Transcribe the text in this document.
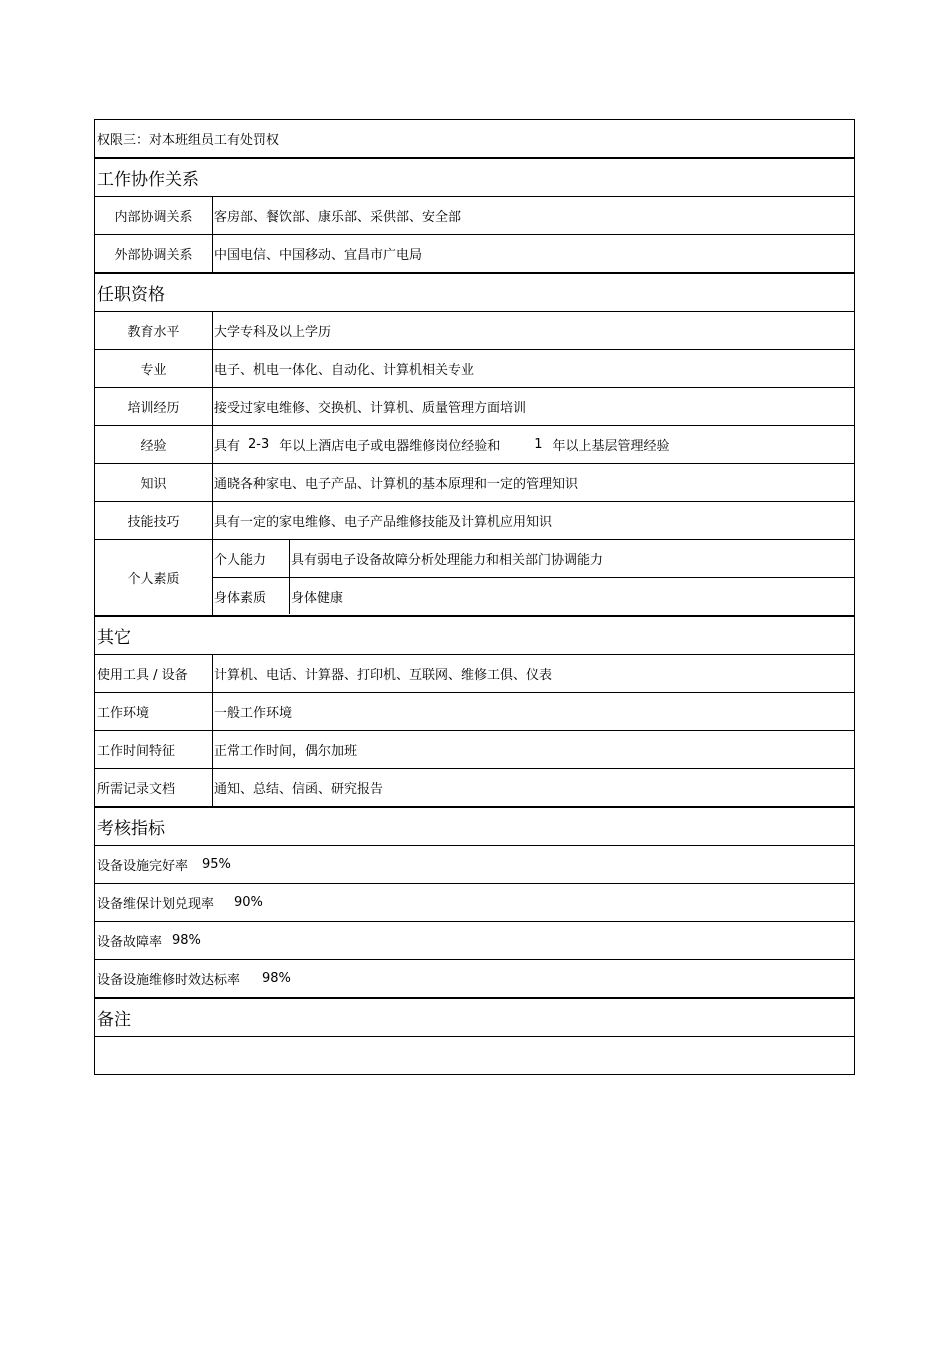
权限三：对本班组员工有处罚权
工作协作关系
内部协调关系	客房部、餐饮部、康乐部、采供部、安全部
外部协调关系	中国电信、中国移动、宜昌市广电局
任职资格
教育水平	大学专科及以上学历
专业	电子、机电一体化、自动化、计算机相关专业
培训经历	接受过家电维修、交换机、计算机、质量管理方面培训
经验	具有 2-3 年以上酒店电子或电器维修岗位经验和	1 年以上基层管理经验
知识	通晓各种家电、电子产品、计算机的基本原理和一定的管理知识
技能技巧	具有一定的家电维修、电子产品维修技能及计算机应用知识
个人素质
个人能力	具有弱电子设备故障分析处理能力和相关部门协调能力
身体素质	身体健康
其它
使用工具 / 设备	计算机、电话、计算器、打印机、互联网、维修工俱、仪表
工作环境	一般工作环境
工作时间特征	正常工作时间，偶尔加班
所需记录文档	通知、总结、信函、研究报告
考核指标
设备设施完好率 95%
设备维保计划兑现率 90%
设备故障率 98%
设备设施维修时效达标率 98%
备注
